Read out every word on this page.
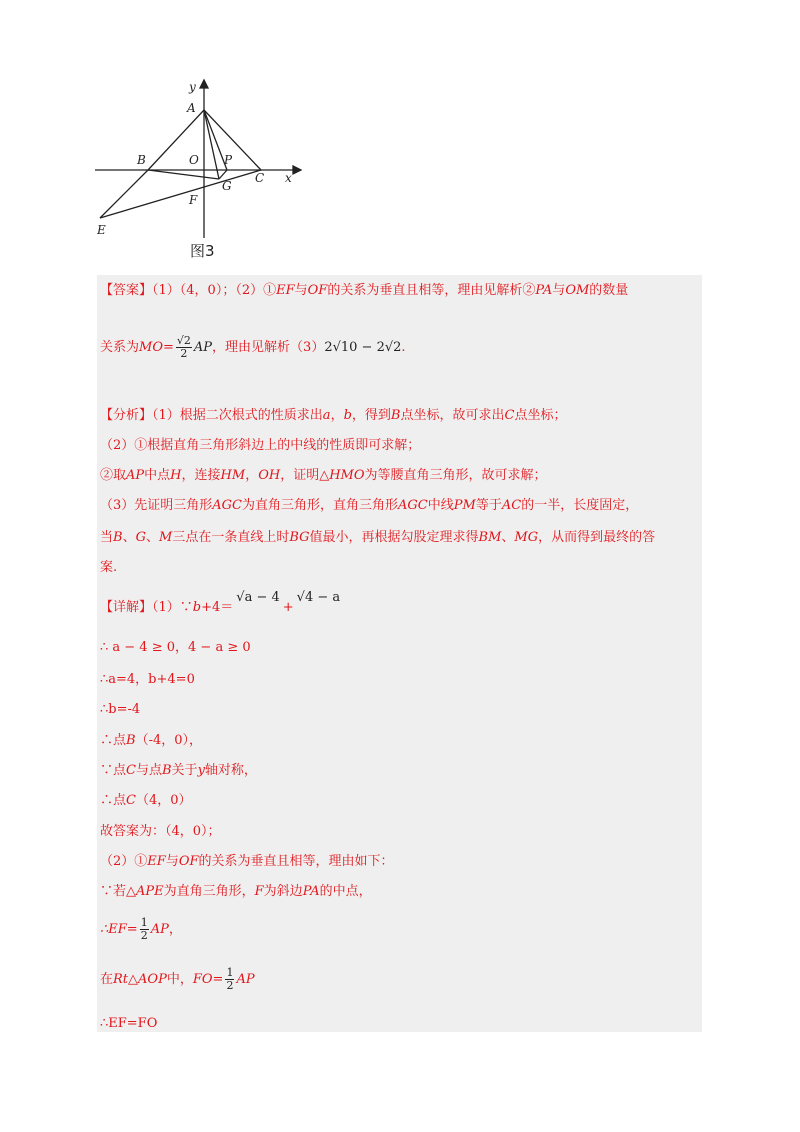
y
A
B	O P
C x
G
F
E
图3
【答案】（1）（4，0）；（2）①EF与OF的关系为垂直且相等，理由见解析②PA与OM的数量
关系为$MO= \frac{√2}{2}$ AP，理由见解析（3）2√10 − 2√2.
【分析】（1）根据二次根式的性质求出a，b，得到B点坐标，故可求出C点坐标；
（2）①根据直角三角形斜边上的中线的性质即可求解；
②取AP中点H，连接HM，OH，证明△HMO为等腰直角三角形，故可求解；
（3）先证明三角形AGC为直角三角形，直角三角形AGC中线PM等于AC的一半，长度固定，
当B、G、M三点在一条直线上时BG值最小，再根据勾股定理求得BM、MG，从而得到最终的答
案.
【详解】（1）∵b+4＝√a − 4+√4 − a
∴ a − 4 ≥ 0，4 − a ≥ 0
∴a=4，b+4=0
∴b=-4
∴点B（-4，0），
∵点C与点B关于y轴对称，
∴点C（4，0）
故答案为：（4，0）；
（2）①EF与OF的关系为垂直且相等，理由如下：
∵若△APE为直角三角形，F为斜边PA的中点，
∴EF= $\frac{1}{2}$ AP，
在Rt△AOP中，$FO= \frac{1}{2}$ AP
∴EF=FO
